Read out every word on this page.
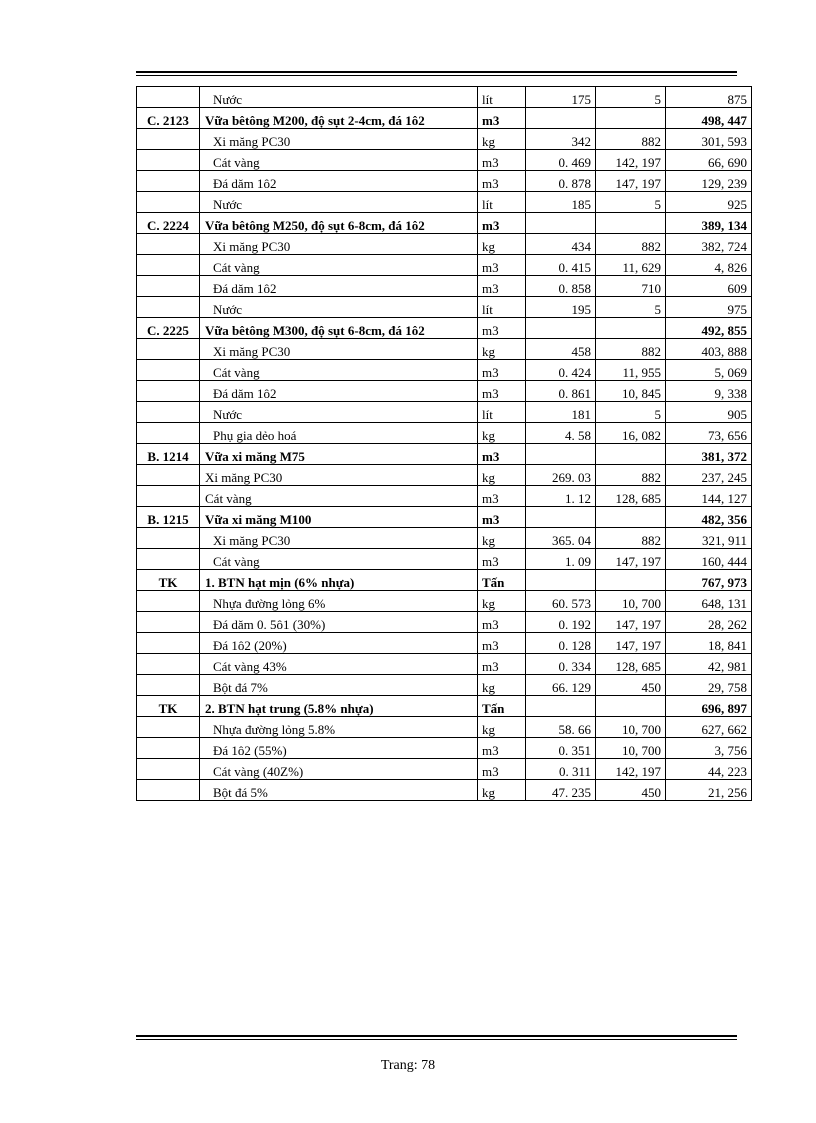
	Nước	lít	175	5	875
C. 2123	Vữa bêtông M200, độ sụt 2-4cm, đá 1ô2	m3			498, 447
	Xi măng PC30	kg	342	882	301, 593
	Cát vàng	m3	0. 469	142, 197	66, 690
	Đá dăm 1ô2	m3	0. 878	147, 197	129, 239
	Nước	lít	185	5	925
C. 2224	Vữa bêtông M250, độ sụt 6-8cm, đá 1ô2	m3			389, 134
	Xi măng PC30	kg	434	882	382, 724
	Cát vàng	m3	0. 415	11, 629	4, 826
	Đá dăm 1ô2	m3	0. 858	710	609
	Nước	lít	195	5	975
C. 2225	Vữa bêtông M300, độ sụt 6-8cm, đá 1ô2	m3			492, 855
	Xi măng PC30	kg	458	882	403, 888
	Cát vàng	m3	0. 424	11, 955	5, 069
	Đá dăm 1ô2	m3	0. 861	10, 845	9, 338
	Nước	lít	181	5	905
	Phụ gia dẻo hoá	kg	4. 58	16, 082	73, 656
B. 1214	Vữa xi măng M75	m3			381, 372
	Xi măng PC30	kg	269. 03	882	237, 245
	Cát vàng	m3	1. 12	128, 685	144, 127
B. 1215	Vữa xi măng M100	m3			482, 356
	Xi măng PC30	kg	365. 04	882	321, 911
	Cát vàng	m3	1. 09	147, 197	160, 444
TK	1. BTN hạt mịn (6% nhựa)	Tấn			767, 973
	Nhựa đường lỏng 6%	kg	60. 573	10, 700	648, 131
	Đá dăm 0. 5ô1 (30%)	m3	0. 192	147, 197	28, 262
	Đá 1ô2 (20%)	m3	0. 128	147, 197	18, 841
	Cát vàng 43%	m3	0. 334	128, 685	42, 981
	Bột đá 7%	kg	66. 129	450	29, 758
TK	2. BTN hạt trung (5.8% nhựa)	Tấn			696, 897
	Nhựa đường lỏng 5.8%	kg	58. 66	10, 700	627, 662
	Đá 1ô2 (55%)	m3	0. 351	10, 700	3, 756
	Cát vàng (40Z%)	m3	0. 311	142, 197	44, 223
	Bột đá 5%	kg	47. 235	450	21, 256
Trang: 78
